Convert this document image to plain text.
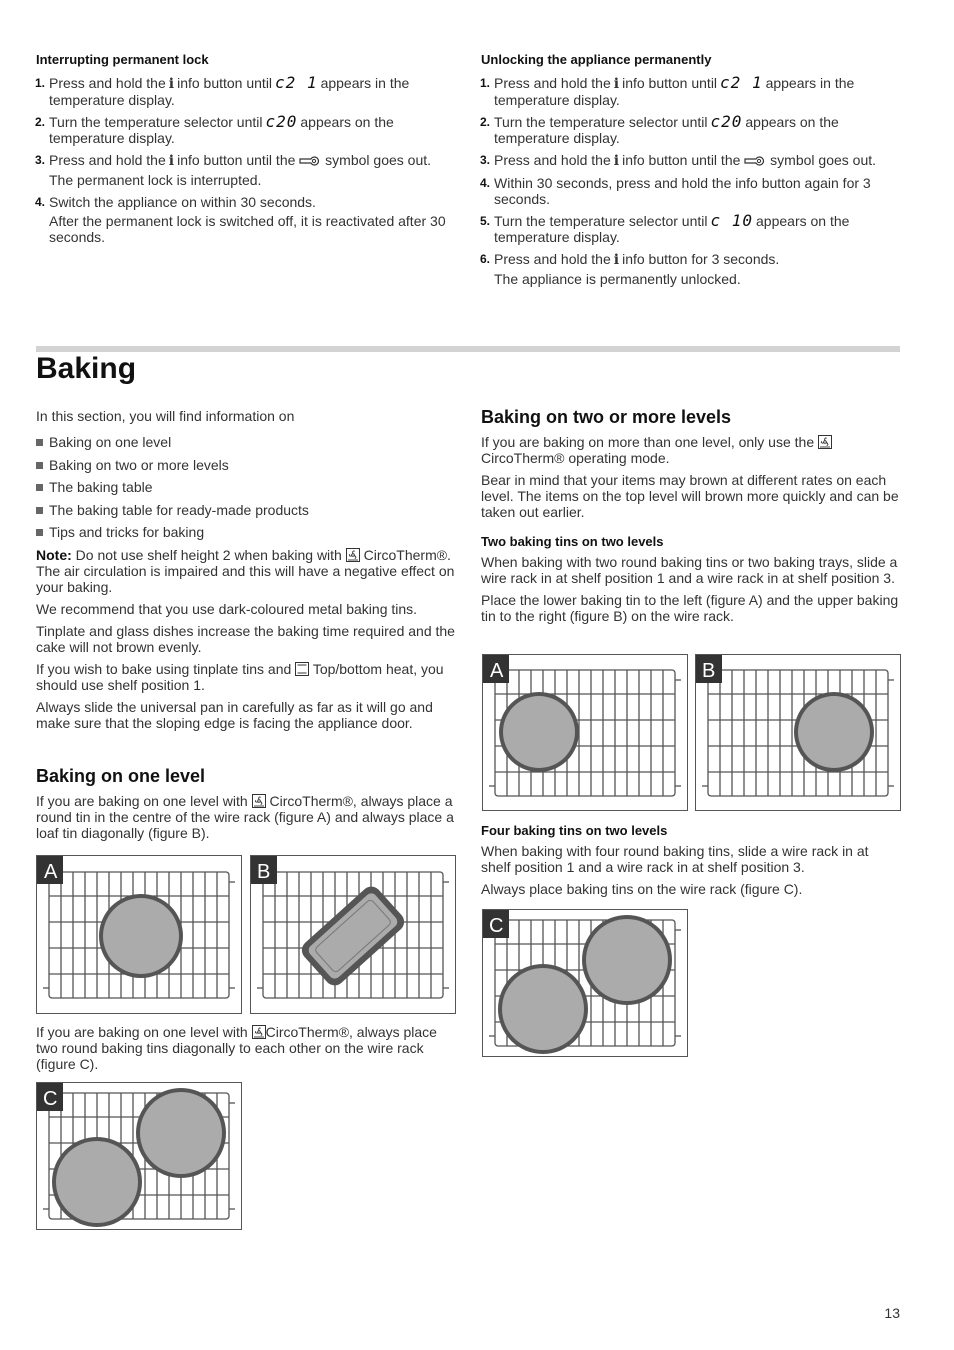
Interrupting permanent lock
1. Press and hold the i info button until c2 1 appears in the temperature display.
2. Turn the temperature selector until c20 appears on the temperature display.
3. Press and hold the i info button until the symbol goes out.
The permanent lock is interrupted.
4. Switch the appliance on within 30 seconds.
After the permanent lock is switched off, it is reactivated after 30 seconds.
Unlocking the appliance permanently
1. Press and hold the i info button until c2 1 appears in the temperature display.
2. Turn the temperature selector until c20 appears on the temperature display.
3. Press and hold the i info button until the symbol goes out.
4. Within 30 seconds, press and hold the info button again for 3 seconds.
5. Turn the temperature selector until c 10 appears on the temperature display.
6. Press and hold the i info button for 3 seconds.
The appliance is permanently unlocked.
Baking

In this section, you will find information on

Baking on one level
Baking on two or more levels
The baking table
The baking table for ready-made products
Tips and tricks for baking

Note: Do not use shelf height 2 when baking with CircoTherm®. The air circulation is impaired and this will have a negative effect on your baking.

We recommend that you use dark-coloured metal baking tins.

Tinplate and glass dishes increase the baking time required and the cake will not brown evenly.

If you wish to bake using tinplate tins and Top/bottom heat, you should use shelf position 1.

Always slide the universal pan in carefully as far as it will go and make sure that the sloping edge is facing the appliance door.

Baking on one level

If you are baking on one level with CircoTherm®, always place a round tin in the centre of the wire rack (figure A) and always place a loaf tin diagonally (figure B).

A	B

If you are baking on one level with CircoTherm®, always place two round baking tins diagonally to each other on the wire rack (figure C).

C
Baking on two or more levels

If you are baking on more than one level, only use the  CircoTherm® operating mode.

Bear in mind that your items may brown at different rates on each level. The items on the top level will brown more quickly and can be taken out earlier.

Two baking tins on two levels

When baking with two round baking tins or two baking trays, slide a wire rack in at shelf position 1 and a wire rack in at shelf position 3.

Place the lower baking tin to the left (figure A) and the upper baking tin to the right (figure B) on the wire rack.

A	B
Four baking tins on two levels

When baking with four round baking tins, slide a wire rack in at shelf position 1 and a wire rack in at shelf position 3.

Always place baking tins on the wire rack (figure C).

C
13
